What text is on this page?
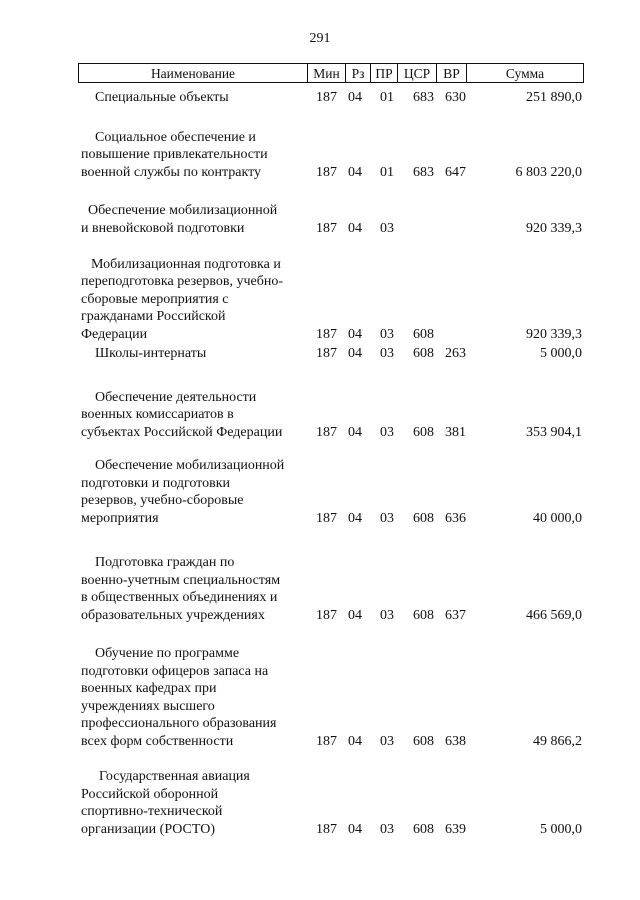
291
Наименование	Мин Рз ПР ЦСР ВР	Сумма
Специальные объекты	187 04 01 683 630	251 890,0
Социальное обеспечение и
повышение привлекательности
военной службы по контракту	187 04 01 683 647	6 803 220,0
Обеспечение мобилизационной
и вневойсковой подготовки	187 04 03	920 339,3
Мобилизационная подготовка и
переподготовка резервов, учебно-
сборовые мероприятия с
гражданами Российской
Федерации	187 04 03 608	920 339,3
Школы-интернаты	187 04 03 608 263	5 000,0
Обеспечение деятельности
военных комиссариатов в
субъектах Российской Федерации	187 04 03 608 381	353 904,1
Обеспечение мобилизационной
подготовки и подготовки
резервов, учебно-сборовые
мероприятия	187 04 03 608 636	40 000,0
Подготовка граждан по
военно-учетным специальностям
в общественных объединениях и
образовательных учреждениях	187 04 03 608 637	466 569,0
Обучение по программе
подготовки офицеров запаса на
военных кафедрах при
учреждениях высшего
профессионального образования
всех форм собственности	187 04 03 608 638	49 866,2
Государственная авиация
Российской оборонной
спортивно-технической
организации (РОСТО)	187 04 03 608 639	5 000,0
